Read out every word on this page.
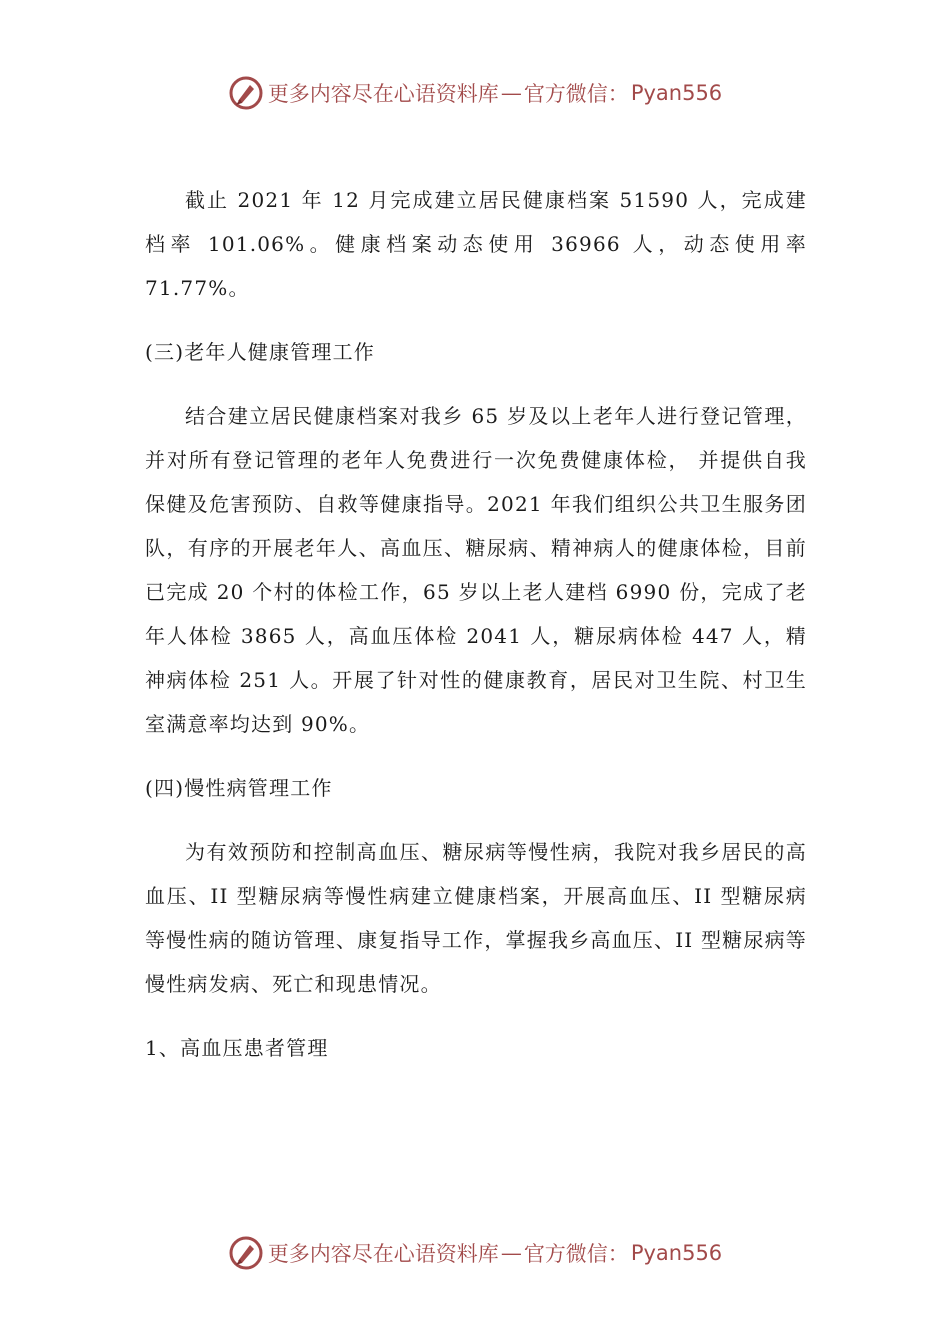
更多内容尽在心语资料库 — 官方微信： Pyan556

截止 2021 年 12 月完成建立居民健康档案 51590 人，完成建档率 101.06%。健康档案动态使用 36966 人，动态使用率 71.77%。

(三)老年人健康管理工作

结合建立居民健康档案对我乡 65 岁及以上老年人进行登记管理，并对所有登记管理的老年人免费进行一次免费健康体检， 并提供自我保健及危害预防、自救等健康指导。2021 年我们组织公共卫生服务团队，有序的开展老年人、高血压、糖尿病、精神病人的健康体检，目前已完成 20 个村的体检工作，65 岁以上老人建档 6990 份，完成了老年人体检 3865 人，高血压体检 2041 人，糖尿病体检 447 人，精神病体检 251 人。开展了针对性的健康教育，居民对卫生院、村卫生室满意率均达到 90%。

(四)慢性病管理工作

为有效预防和控制高血压、糖尿病等慢性病，我院对我乡居民的高血压、II 型糖尿病等慢性病建立健康档案，开展高血压、II 型糖尿病等慢性病的随访管理、康复指导工作，掌握我乡高血压、II 型糖尿病等慢性病发病、死亡和现患情况。

1、高血压患者管理

更多内容尽在心语资料库 — 官方微信： Pyan556
